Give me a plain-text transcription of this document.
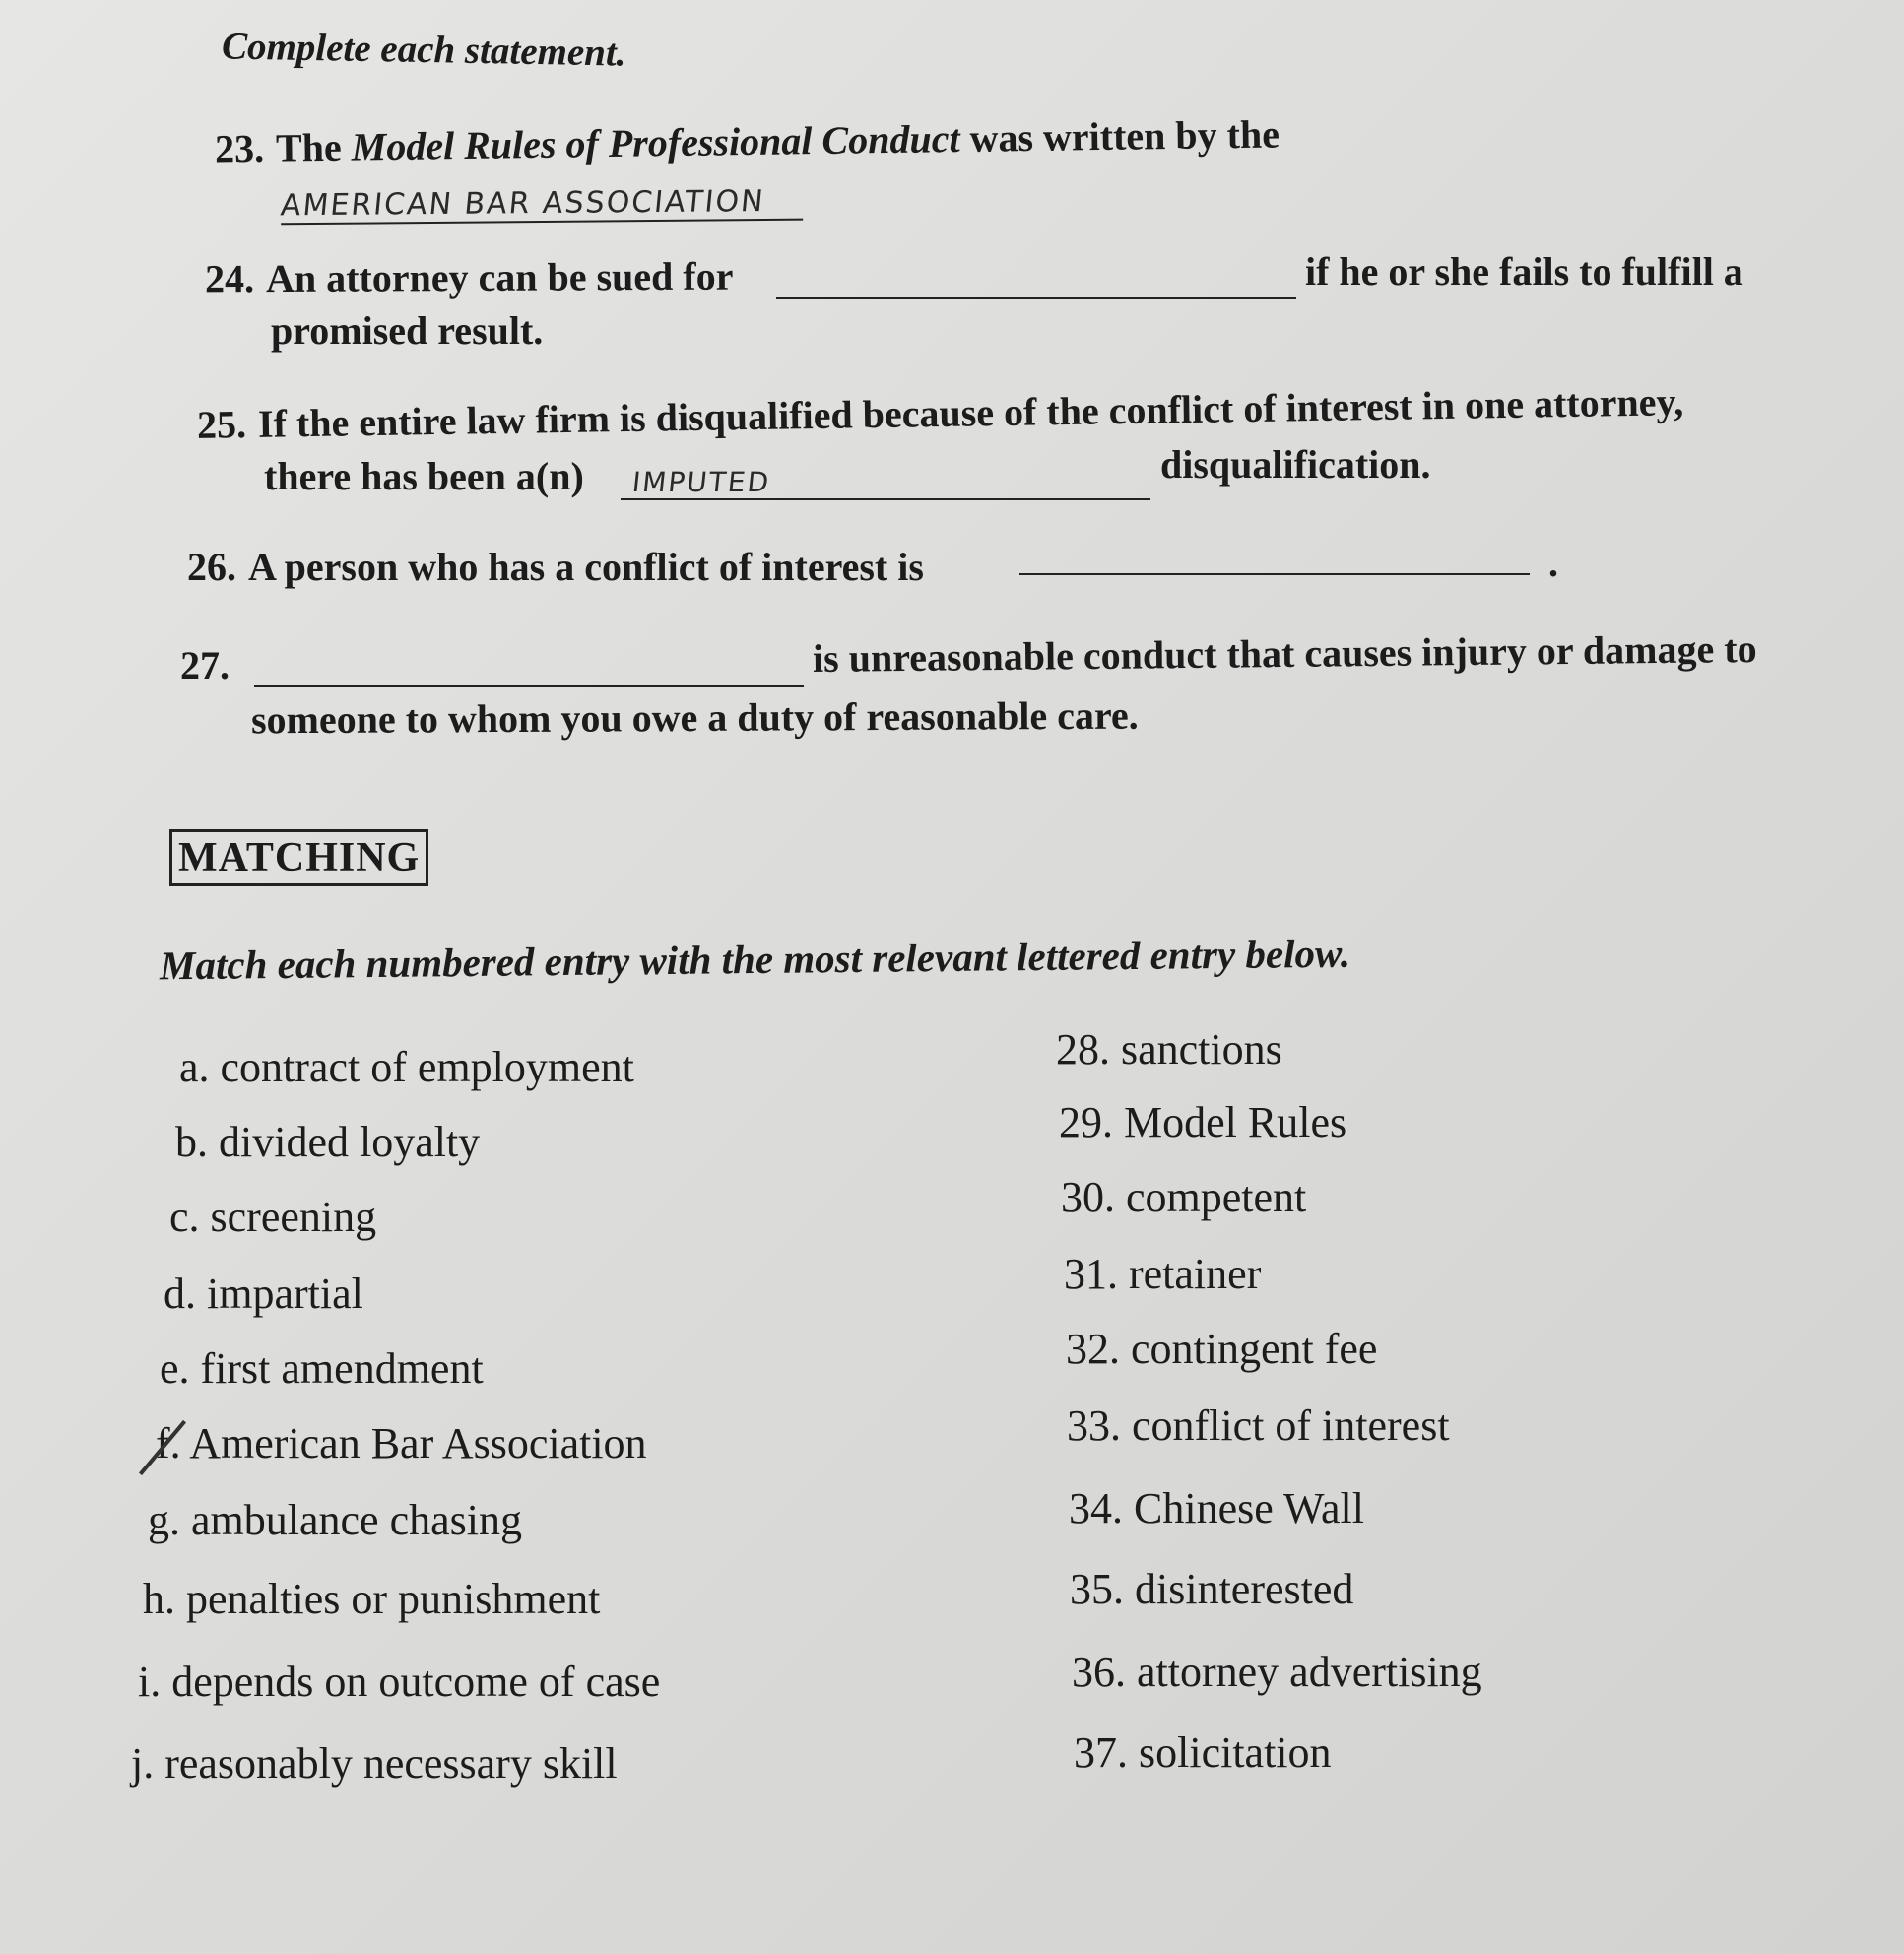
Complete each statement.
23. The Model Rules of Professional Conduct was written by the
AMERICAN BAR ASSOCIATION
24. An attorney can be sued for	if he or she fails to fulfill a
promised result.
25. If the entire law firm is disqualified because of the conflict of interest in one attorney,
there has been a(n) IMPUTED	disqualification.
26. A person who has a conflict of interest is	.
27.	is unreasonable conduct that causes injury or damage to
someone to whom you owe a duty of reasonable care.
MATCHING
Match each numbered entry with the most relevant lettered entry below.
a. contract of employment
b. divided loyalty
c. screening
d. impartial
e. first amendment
f. American Bar Association
g. ambulance chasing
h. penalties or punishment
i. depends on outcome of case
j. reasonably necessary skill
28. sanctions
29. Model Rules
30. competent
31. retainer
32. contingent fee
33. conflict of interest
34. Chinese Wall
35. disinterested
36. attorney advertising
37. solicitation
